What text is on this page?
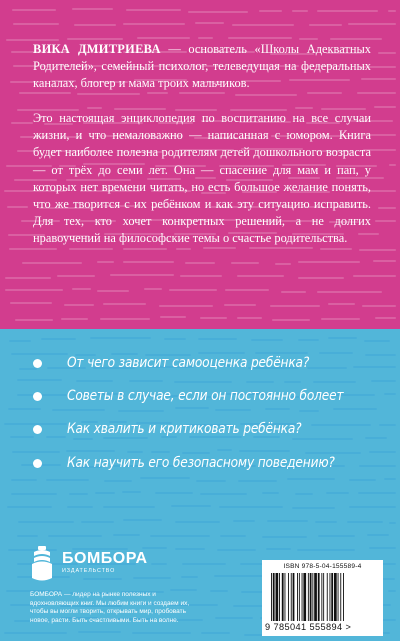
ВИКА ДМИТРИЕВА — основатель «Школы Адекватных Родителей», семейный психолог, телеведущая на федеральных каналах, блогер и мама троих мальчиков.
Это настоящая энциклопедия по воспитанию на все случаи жизни, и что немаловажно — написанная с юмором. Книга будет наиболее полезна родителям детей дошкольного возраста — от трёх до семи лет. Она — спасение для мам и пап, у которых нет времени читать, но есть большое желание понять, что же творится с их ребёнком и как эту ситуацию исправить. Для тех, кто хочет конкретных решений, а не долгих нравоучений на философские темы о счастье родительства.
От чего зависит самооценка ребёнка?
Советы в случае, если он постоянно болеет
Как хвалить и критиковать ребёнка?
Как научить его безопасному поведению?
БОМБОРА
ИЗДАТЕЛЬСТВО
БОМБОРА — лидер на рынке полезных и вдохновляющих книг. Мы любим книги и создаем их, чтобы вы могли творить, открывать мир, пробовать новое, расти. Быть счастливыми. Быть на волне.
ISBN 978-5-04-155589-4
9 785041 555894 >
